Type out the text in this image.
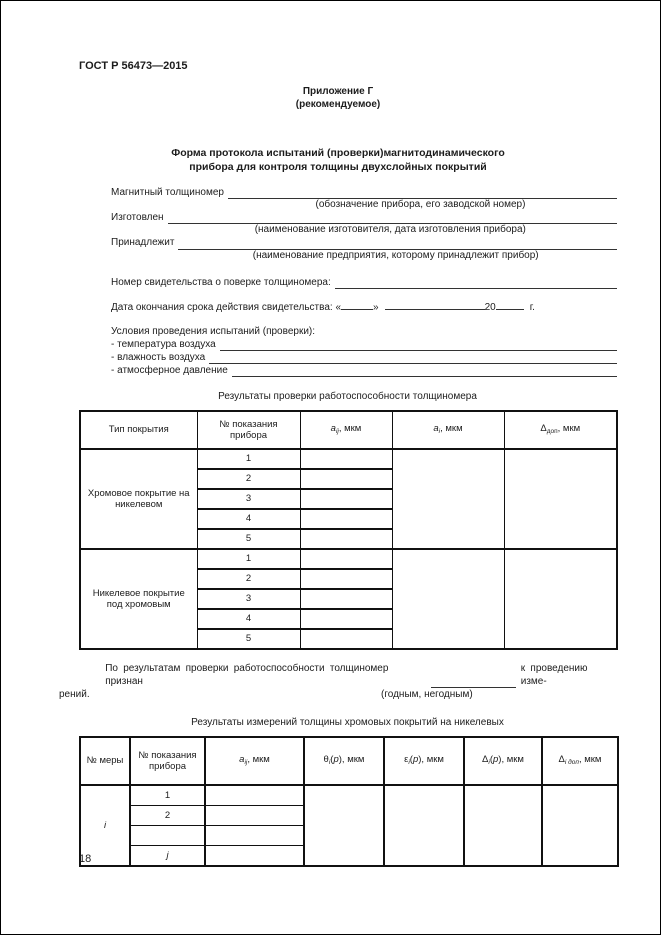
ГОСТ Р 56473—2015
Приложение Г
(рекомендуемое)
Форма протокола испытаний (проверки)магнитодинамического
прибора для контроля толщины двухслойных покрытий
Магнитный толщиномер
(обозначение прибора, его заводской номер)
Изготовлен
(наименование изготовителя, дата изготовления прибора)
Принадлежит
(наименование предприятия, которому принадлежит прибор)
Номер свидетельства о поверке толщиномера:
Дата окончания срока действия свидетельства: «	»	20	г.
Условия проведения испытаний (проверки):
- температура воздуха
- влажность воздуха
- атмосферное давление
Результаты проверки работоспособности толщиномера
Тип покрытия	№ показания прибора	$a_{ij}$, мкм	$a_i$, мкм	$\Delta_{доп}$, мкм
Хромовое покрытие на никелевом	1			
	2			
	3			
	4			
	5			
Никелевое покрытие под хромовым	1			
	2			
	3			
	4			
	5			
По результатам проверки работоспособности толщиномер признан
к проведению изме-
рений.	(годным, негодным)
Результаты измерений толщины хромовых покрытий на никелевых
№ меры	№ показания прибора	$a_{ij}$, мкм	$\theta_i(p)$, мкм	$\varepsilon_i(p)$, мкм	$\Delta_i(p)$, мкм	$\Delta_{i доп}$, мкм
i	1					
	2					

	j					
18
